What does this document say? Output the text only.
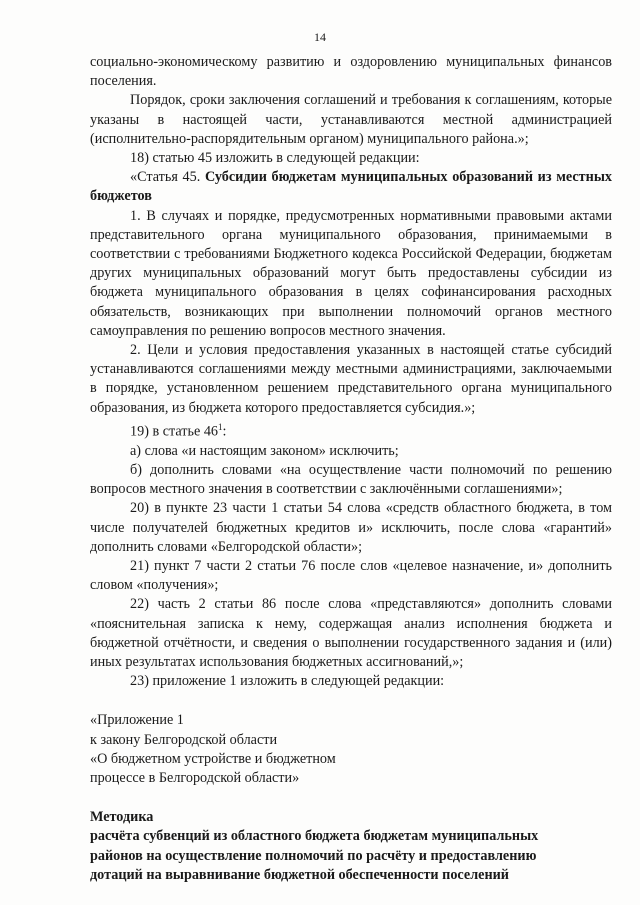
14

социально-экономическому развитию и оздоровлению муниципальных финансов поселения.

Порядок, сроки заключения соглашений и требования к соглашениям, которые указаны в настоящей части, устанавливаются местной администрацией (исполнительно-распорядительным органом) муниципального района.»;

18) статью 45 изложить в следующей редакции:

«Статья 45. Субсидии бюджетам муниципальных образований из местных бюджетов

1. В случаях и порядке, предусмотренных нормативными правовыми актами представительного органа муниципального образования, принимаемыми в соответствии с требованиями Бюджетного кодекса Российской Федерации, бюджетам других муниципальных образований могут быть предоставлены субсидии из бюджета муниципального образования в целях софинансирования расходных обязательств, возникающих при выполнении полномочий органов местного самоуправления по решению вопросов местного значения.

2. Цели и условия предоставления указанных в настоящей статье субсидий устанавливаются соглашениями между местными администрациями, заключаемыми в порядке, установленном решением представительного органа муниципального образования, из бюджета которого предоставляется субсидия.»;

19) в статье $46^1$:

а) слова «и настоящим законом» исключить;

б) дополнить словами «на осуществление части полномочий по решению вопросов местного значения в соответствии с заключёнными соглашениями»;

20) в пункте 23 части 1 статьи 54 слова «средств областного бюджета, в том числе получателей бюджетных кредитов и» исключить, после слова «гарантий» дополнить словами «Белгородской области»;

21) пункт 7 части 2 статьи 76 после слов «целевое назначение, и» дополнить словом «получения»;

22) часть 2 статьи 86 после слова «представляются» дополнить словами «пояснительная записка к нему, содержащая анализ исполнения бюджета и бюджетной отчётности, и сведения о выполнении государственного задания и (или) иных результатах использования бюджетных ассигнований,»;

23) приложение 1 изложить в следующей редакции:

«Приложение 1

к закону Белгородской области

«О бюджетном устройстве и бюджетном

процессе в Белгородской области»

Методика

расчёта субвенций из областного бюджета бюджетам муниципальных

районов на осуществление полномочий по расчёту и предоставлению

дотаций на выравнивание бюджетной обеспеченности поселений
